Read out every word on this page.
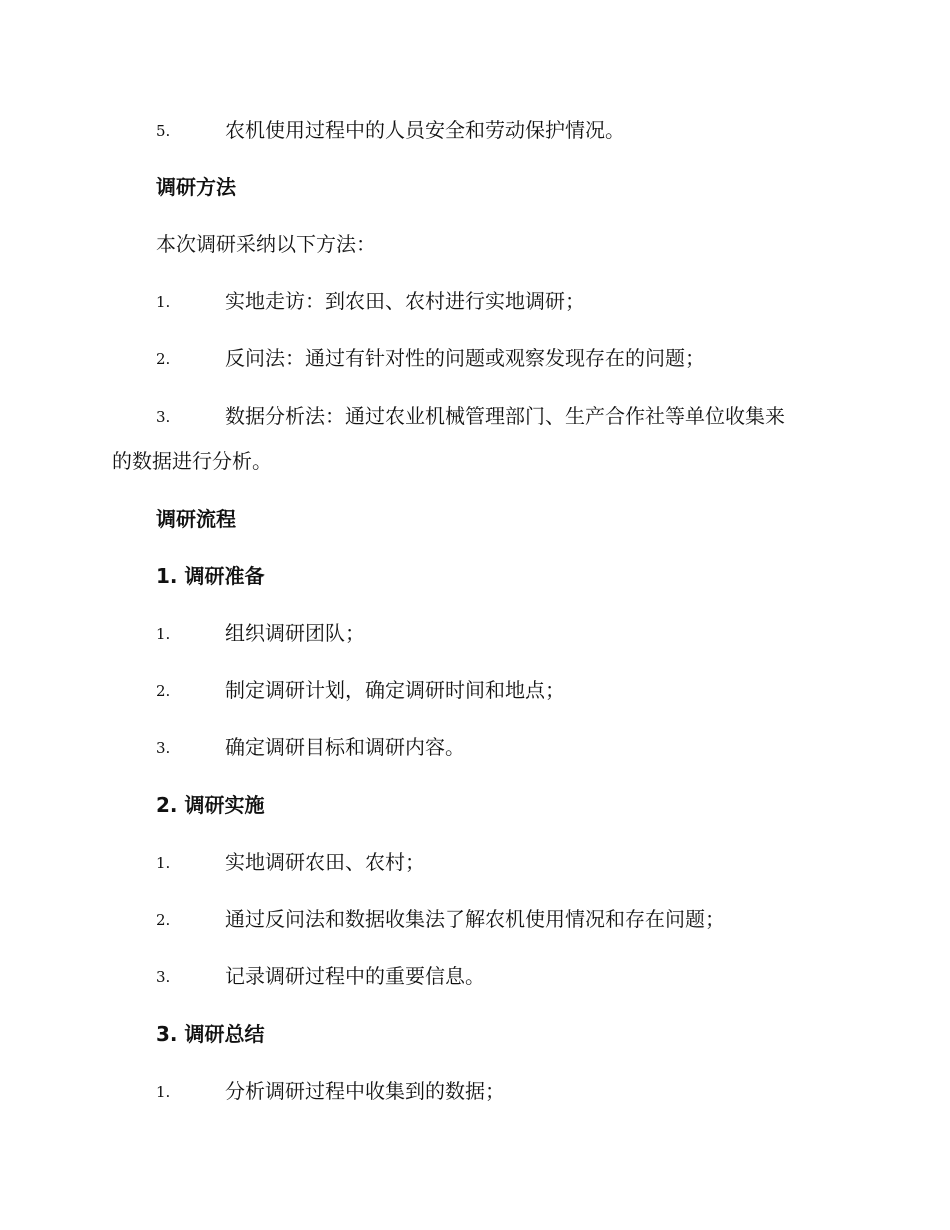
5.	农机使用过程中的人员安全和劳动保护情况。
调研方法
本次调研采纳以下方法：
1.	实地走访：到农田、农村进行实地调研；
2.	反问法：通过有针对性的问题或观察发现存在的问题；
3.	数据分析法：通过农业机械管理部门、生产合作社等单位收集来
的数据进行分析。
调研流程
1. 调研准备
1.	组织调研团队；
2.	制定调研计划，确定调研时间和地点；
3.	确定调研目标和调研内容。
2. 调研实施
1.	实地调研农田、农村；
2.	通过反问法和数据收集法了解农机使用情况和存在问题；
3.	记录调研过程中的重要信息。
3. 调研总结
1.	分析调研过程中收集到的数据；
